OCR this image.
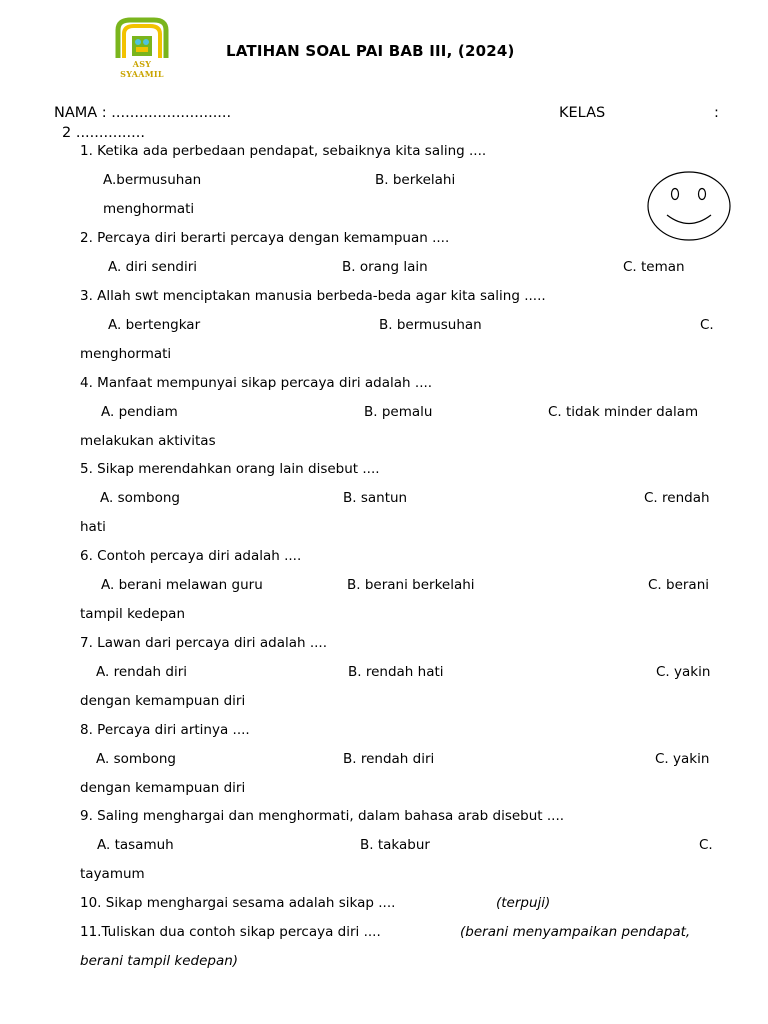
ASY SYAAMIL
LATIHAN SOAL PAI BAB III, (2024)
NAMA : ..........................	KELAS	:
2 ...............
1. Ketika ada perbedaan pendapat, sebaiknya kita saling ....
A.bermusuhan	B. berkelahi
menghormati
2. Percaya diri berarti percaya dengan kemampuan ....
A. diri sendiri	B. orang lain	C. teman
3. Allah swt menciptakan manusia berbeda-beda agar kita saling .....
A. bertengkar	B. bermusuhan	C.
menghormati
4. Manfaat mempunyai sikap percaya diri adalah ....
A. pendiam	B. pemalu	C. tidak minder dalam
melakukan aktivitas
5. Sikap merendahkan orang lain disebut ....
A. sombong	B. santun	C. rendah
hati
6. Contoh percaya diri adalah ....
A. berani melawan guru	B. berani berkelahi	C. berani
tampil kedepan
7. Lawan dari percaya diri adalah ....
A. rendah diri	B. rendah hati	C. yakin
dengan kemampuan diri
8. Percaya diri artinya ....
A. sombong	B. rendah diri	C. yakin
dengan kemampuan diri
9. Saling menghargai dan menghormati, dalam bahasa arab disebut ....
A. tasamuh	B. takabur	C.
tayamum
10. Sikap menghargai sesama adalah sikap ....	(terpuji)
11.Tuliskan dua contoh sikap percaya diri ....	(berani menyampaikan pendapat,
berani tampil kedepan)
